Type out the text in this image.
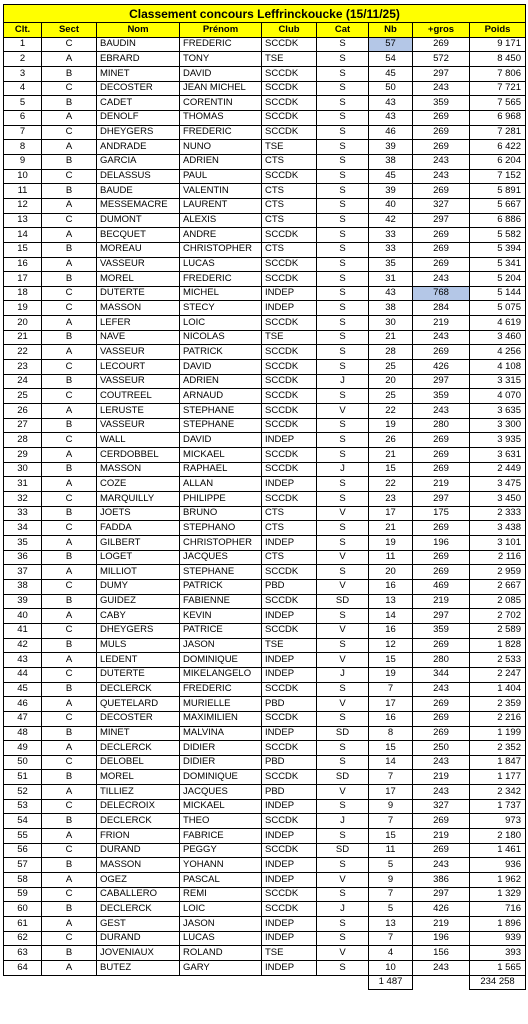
Classement concours Leffrinckoucke (15/11/25)								
Clt.	Sect	Nom	Prénom	Club	Cat	Nb	+gros	Poids
1	C	BAUDIN	FREDERIC	SCCDK	S	57	269	9 171
2	A	EBRARD	TONY	TSE	S	54	572	8 450
3	B	MINET	DAVID	SCCDK	S	45	297	7 806
4	C	DECOSTER	JEAN MICHEL	SCCDK	S	50	243	7 721
5	B	CADET	CORENTIN	SCCDK	S	43	359	7 565
6	A	DENOLF	THOMAS	SCCDK	S	43	269	6 968
7	C	DHEYGERS	FREDERIC	SCCDK	S	46	269	7 281
8	A	ANDRADE	NUNO	TSE	S	39	269	6 422
9	B	GARCIA	ADRIEN	CTS	S	38	243	6 204
10	C	DELASSUS	PAUL	SCCDK	S	45	243	7 152
11	B	BAUDE	VALENTIN	CTS	S	39	269	5 891
12	A	MESSEMACRE	LAURENT	CTS	S	40	327	5 667
13	C	DUMONT	ALEXIS	CTS	S	42	297	6 886
14	A	BECQUET	ANDRE	SCCDK	S	33	269	5 582
15	B	MOREAU	CHRISTOPHER	CTS	S	33	269	5 394
16	A	VASSEUR	LUCAS	SCCDK	S	35	269	5 341
17	B	MOREL	FREDERIC	SCCDK	S	31	243	5 204
18	C	DUTERTE	MICHEL	INDEP	S	43	768	5 144
19	C	MASSON	STECY	INDEP	S	38	284	5 075
20	A	LEFER	LOIC	SCCDK	S	30	219	4 619
21	B	NAVE	NICOLAS	TSE	S	21	243	3 460
22	A	VASSEUR	PATRICK	SCCDK	S	28	269	4 256
23	C	LECOURT	DAVID	SCCDK	S	25	426	4 108
24	B	VASSEUR	ADRIEN	SCCDK	J	20	297	3 315
25	C	COUTREEL	ARNAUD	SCCDK	S	25	359	4 070
26	A	LERUSTE	STEPHANE	SCCDK	V	22	243	3 635
27	B	VASSEUR	STEPHANE	SCCDK	S	19	280	3 300
28	C	WALL	DAVID	INDEP	S	26	269	3 935
29	A	CERDOBBEL	MICKAEL	SCCDK	S	21	269	3 631
30	B	MASSON	RAPHAEL	SCCDK	J	15	269	2 449
31	A	COZE	ALLAN	INDEP	S	22	219	3 475
32	C	MARQUILLY	PHILIPPE	SCCDK	S	23	297	3 450
33	B	JOETS	BRUNO	CTS	V	17	175	2 333
34	C	FADDA	STEPHANO	CTS	S	21	269	3 438
35	A	GILBERT	CHRISTOPHER	INDEP	S	19	196	3 101
36	B	LOGET	JACQUES	CTS	V	11	269	2 116
37	A	MILLIOT	STEPHANE	SCCDK	S	20	269	2 959
38	C	DUMY	PATRICK	PBD	V	16	469	2 667
39	B	GUIDEZ	FABIENNE	SCCDK	SD	13	219	2 085
40	A	CABY	KEVIN	INDEP	S	14	297	2 702
41	C	DHEYGERS	PATRICE	SCCDK	V	16	359	2 589
42	B	MULS	JASON	TSE	S	12	269	1 828
43	A	LEDENT	DOMINIQUE	INDEP	V	15	280	2 533
44	C	DUTERTE	MIKELANGELO	INDEP	J	19	344	2 247
45	B	DECLERCK	FREDERIC	SCCDK	S	7	243	1 404
46	A	QUETELARD	MURIELLE	PBD	V	17	269	2 359
47	C	DECOSTER	MAXIMILIEN	SCCDK	S	16	269	2 216
48	B	MINET	MALVINA	INDEP	SD	8	269	1 199
49	A	DECLERCK	DIDIER	SCCDK	S	15	250	2 352
50	C	DELOBEL	DIDIER	PBD	S	14	243	1 847
51	B	MOREL	DOMINIQUE	SCCDK	SD	7	219	1 177
52	A	TILLIEZ	JACQUES	PBD	V	17	243	2 342
53	C	DELECROIX	MICKAEL	INDEP	S	9	327	1 737
54	B	DECLERCK	THEO	SCCDK	J	7	269	973
55	A	FRION	FABRICE	INDEP	S	15	219	2 180
56	C	DURAND	PEGGY	SCCDK	SD	11	269	1 461
57	B	MASSON	YOHANN	INDEP	S	5	243	936
58	A	OGEZ	PASCAL	INDEP	V	9	386	1 962
59	C	CABALLERO	REMI	SCCDK	S	7	297	1 329
60	B	DECLERCK	LOIC	SCCDK	J	5	426	716
61	A	GEST	JASON	INDEP	S	13	219	1 896
62	C	DURAND	LUCAS	INDEP	S	7	196	939
63	B	JOVENIAUX	ROLAND	TSE	V	4	156	393
64	A	BUTEZ	GARY	INDEP	S	10	243	1 565
						1 487		234 258
